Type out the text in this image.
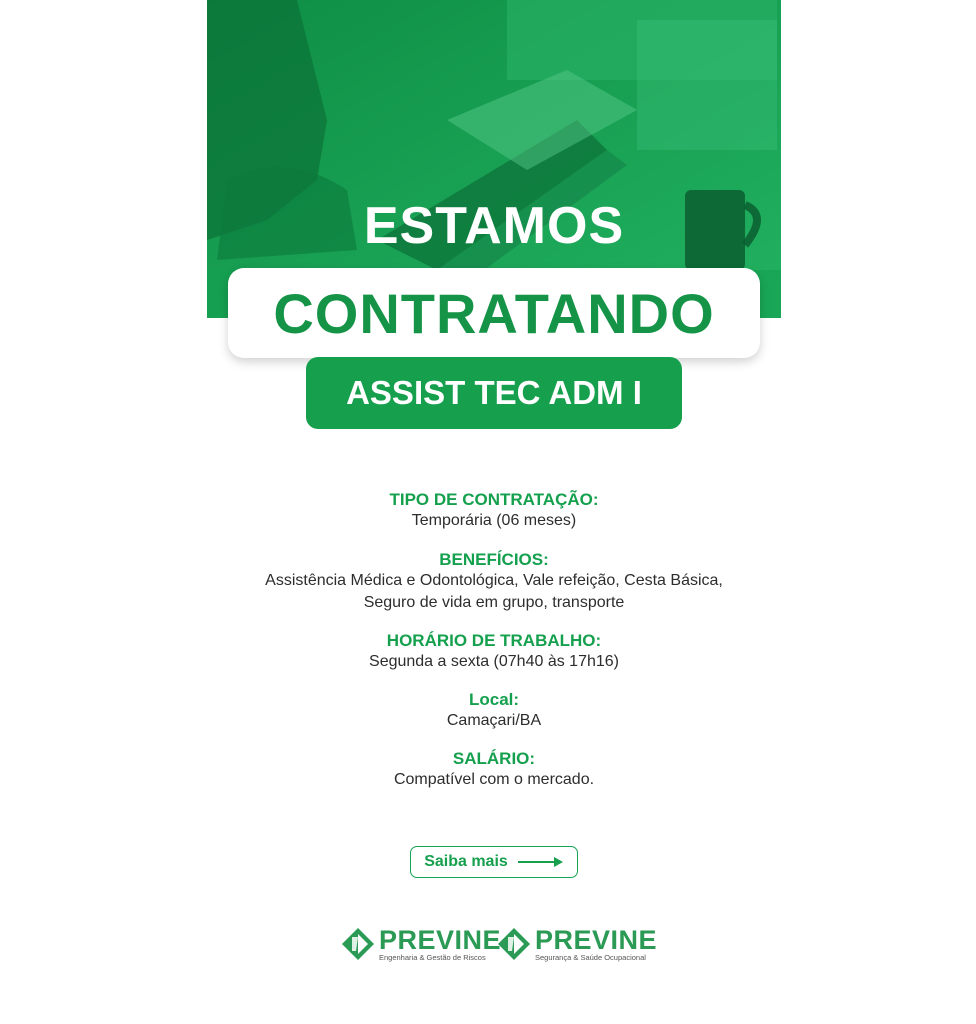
ESTAMOS
CONTRATANDO
ASSIST TEC ADM I
TIPO DE CONTRATAÇÃO:
Temporária (06 meses)
BENEFÍCIOS:
Assistência Médica e Odontológica, Vale refeição, Cesta Básica,
Seguro de vida em grupo, transporte
HORÁRIO DE TRABALHO:
Segunda a sexta (07h40 às 17h16)
Local:
Camaçari/BA
SALÁRIO:
Compatível com o mercado.
Saiba mais
PREVINE
Engenharia & Gestão de Riscos
PREVINE
Segurança & Saúde Ocupacional
